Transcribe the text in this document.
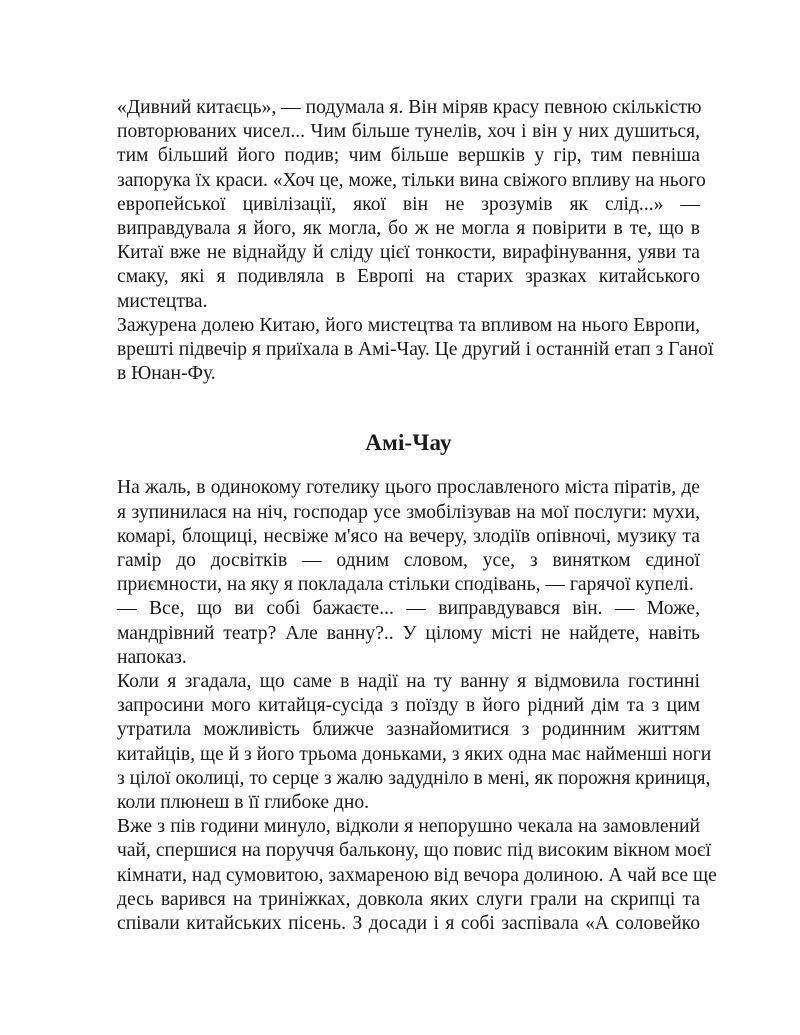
«Дивний китаєць», — подумала я. Він міряв красу певною скількістю
повторюваних чисел... Чим більше тунелів, хоч і він у них душиться,
тим більший його подив; чим більше вершків у гір, тим певніша
запорука їх краси. «Хоч це, може, тільки вина свіжого впливу на нього
европейської цивілізації, якої він не зрозумів як слід...» —
виправдувала я його, як могла, бо ж не могла я повірити в те, що в
Китаї вже не віднайду й сліду цієї тонкости, вирафінування, уяви та
смаку, які я подивляла в Европі на старих зразках китайського
мистецтва.

Зажурена долею Китаю, його мистецтва та впливом на нього Европи,
врешті підвечір я приїхала в Амі-Чау. Це другий і останній етап з Ганої
в Юнан-Фу.

Амі-Чау

На жаль, в одинокому готелику цього прославленого міста піратів, де
я зупинилася на ніч, господар усе змобілізував на мої послуги: мухи,
комарі, блощиці, несвіже м'ясо на вечеру, злодіїв опівночі, музику та
гамір до досвітків — одним словом, усе, з винятком єдиної
приємности, на яку я покладала стільки сподівань, — гарячої купелі.

— Все, що ви собі бажаєте... — виправдувався він. — Може,
мандрівний театр? Але ванну?.. У цілому місті не найдете, навіть
напоказ.

Коли я згадала, що саме в надії на ту ванну я відмовила гостинні
запросини мого китайця-сусіда з поїзду в його рідний дім та з цим
утратила можливість ближче зазнайомитися з родинним життям
китайців, ще й з його трьома доньками, з яких одна має найменші ноги
з цілої околиці, то серце з жалю задудніло в мені, як порожня криниця,
коли плюнеш в її глибоке дно.

Вже з пів години минуло, відколи я непорушно чекала на замовлений
чай, спершися на поруччя бальконy, що повис під високим вікном моєї
кімнати, над сумовитою, захмареною від вечора долиною. А чай все ще
десь варився на триніжках, довкола яких слуги грали на скрипці та
співали китайських пісень. З досади і я собі заспівала «А соловейко
